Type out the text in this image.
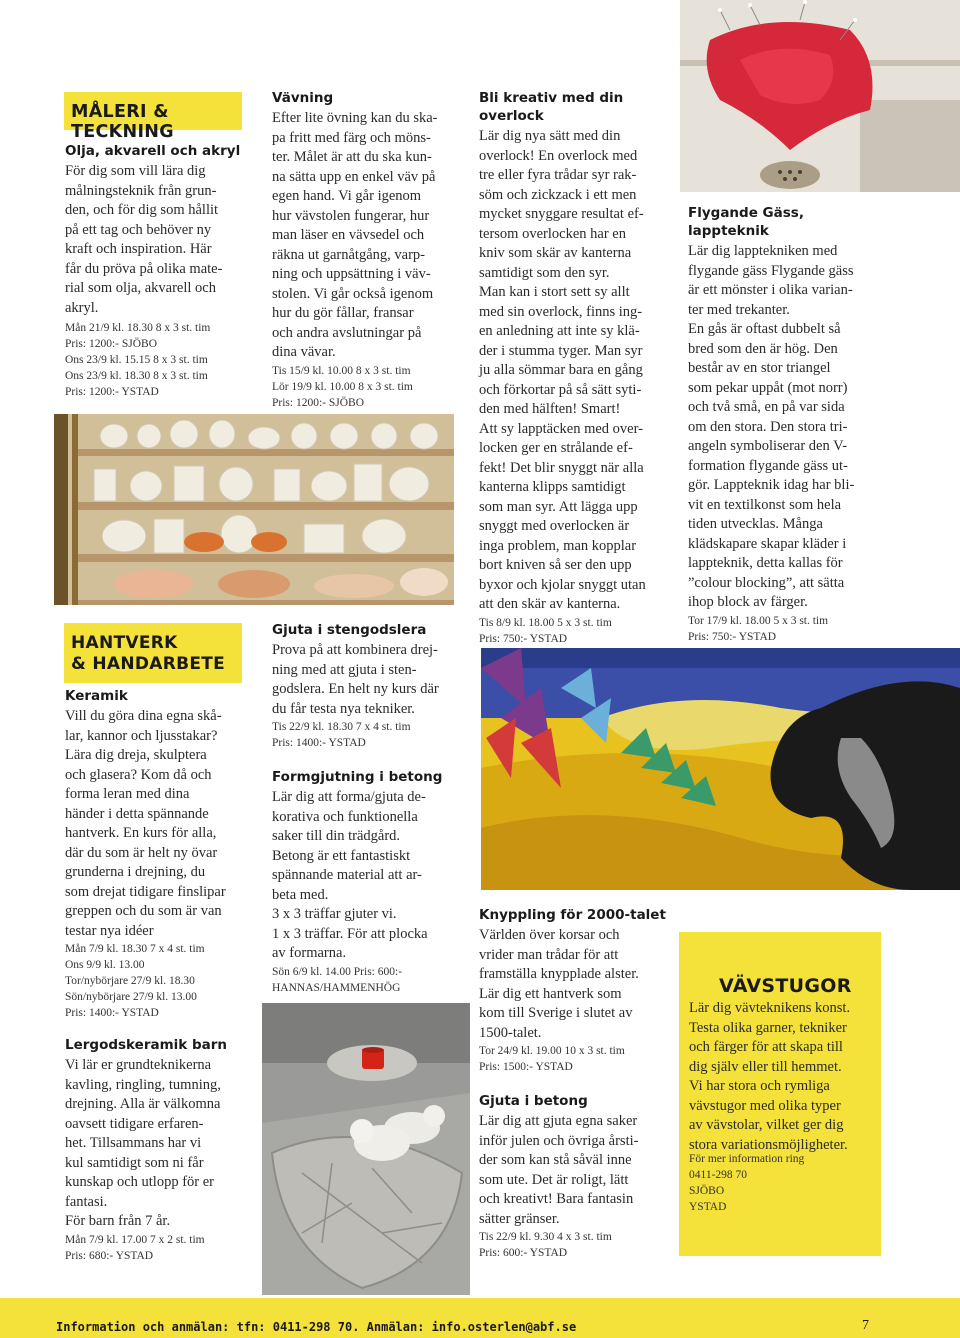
MÅLERI & TECKNING
Olja, akvarell och akryl

För dig som vill lära dig

målningsteknik från grun-

den, och för dig som hållit

på ett tag och behöver ny

kraft och inspiration. Här

får du pröva på olika mate-

rial som olja, akvarell och

akryl.

Mån 21/9 kl. 18.30 8 x 3 st. tim

Pris: 1200:- SJÖBO

Ons 23/9 kl. 15.15 8 x 3 st. tim

Ons 23/9 kl. 18.30 8 x 3 st. tim

Pris: 1200:- YSTAD

HANTVERK
& HANDARBETE
Keramik

Vill du göra dina egna skå-

lar, kannor och ljusstakar?

Lära dig dreja, skulptera

och glasera? Kom då och

forma leran med dina

händer i detta spännande

hantverk. En kurs för alla,

där du som är helt ny övar

grunderna i drejning, du

som drejat tidigare finslipar

greppen och du som är van

testar nya idéer

Mån 7/9 kl. 18.30 7 x 4 st. tim

Ons 9/9 kl. 13.00

Tor/nybörjare 27/9 kl. 18.30

Sön/nybörjare 27/9 kl. 13.00

Pris: 1400:- YSTAD

Lergodskeramik barn

Vi lär er grundteknikerna

kavling, ringling, tumning,

drejning. Alla är välkomna

oavsett tidigare erfaren-

het. Tillsammans har vi

kul samtidigt som ni får

kunskap och utlopp för er

fantasi.

För barn från 7 år.

Mån 7/9 kl. 17.00 7 x 2 st. tim

Pris: 680:- YSTAD

Vävning

Efter lite övning kan du ska-

pa fritt med färg och möns-

ter. Målet är att du ska kun-

na sätta upp en enkel väv på

egen hand. Vi går igenom

hur vävstolen fungerar, hur

man läser en vävsedel och

räkna ut garnåtgång, varp-

ning och uppsättning i väv-

stolen. Vi går också igenom

hur du gör fållar, fransar

och andra avslutningar på

dina vävar.

Tis 15/9 kl. 10.00 8 x 3 st. tim

Lör 19/9 kl. 10.00 8 x 3 st. tim

Pris: 1200:- SJÖBO

Gjuta i stengodslera

Prova på att kombinera drej-

ning med att gjuta i sten-

godslera. En helt ny kurs där

du får testa nya tekniker.

Tis 22/9 kl. 18.30 7 x 4 st. tim

Pris: 1400:- YSTAD

Formgjutning i betong

Lär dig att forma/gjuta de-

korativa och funktionella

saker till din trädgård.

Betong är ett fantastiskt

spännande material att ar-

beta med.

3 x 3 träffar gjuter vi.

1 x 3 träffar. För att plocka

av formarna.

Sön 6/9 kl. 14.00 Pris: 600:-

HANNAS/HAMMENHÖG

Bli kreativ med din overlock

Lär dig nya sätt med din

overlock! En overlock med

tre eller fyra trådar syr rak-

söm och zickzack i ett men

mycket snyggare resultat ef-

tersom overlocken har en

kniv som skär av kanterna

samtidigt som den syr.

Man kan i stort sett sy allt

med sin overlock, finns ing-

en anledning att inte sy klä-

der i stumma tyger. Man syr

ju alla sömmar bara en gång

och förkortar på så sätt syti-

den med hälften! Smart!

Att sy lapptäcken med over-

locken ger en strålande ef-

fekt! Det blir snyggt när alla

kanterna klipps samtidigt

som man syr. Att lägga upp

snyggt med overlocken är

inga problem, man kopplar

bort kniven så ser den upp

byxor och kjolar snyggt utan

att den skär av kanterna.

Tis 8/9 kl. 18.00 5 x 3 st. tim

Pris: 750:- YSTAD

Knyppling för 2000-talet

Världen över korsar och

vrider man trådar för att

framställa knypplade alster.

Lär dig ett hantverk som

kom till Sverige i slutet av

1500-talet.

Tor 24/9 kl. 19.00 10 x 3 st. tim

Pris: 1500:- YSTAD

Gjuta i betong

Lär dig att gjuta egna saker

inför julen och övriga årsti-

der som kan stå såväl inne

som ute. Det är roligt, lätt

och kreativt! Bara fantasin

sätter gränser.

Tis 22/9 kl. 9.30 4 x 3 st. tim

Pris: 600:- YSTAD

Flygande Gäss, lappteknik

Lär dig lapptekniken med

flygande gäss Flygande gäss

är ett mönster i olika varian-

ter med trekanter.

En gås är oftast dubbelt så

bred som den är hög. Den

består av en stor triangel

som pekar uppåt (mot norr)

och två små, en på var sida

om den stora. Den stora tri-

angeln symboliserar den V-

formation flygande gäss ut-

gör. Lappteknik idag har bli-

vit en textilkonst som hela

tiden utvecklas. Många

klädskapare skapar kläder i

lappteknik, detta kallas för

”colour blocking”, att sätta

ihop block av färger.

Tor 17/9 kl. 18.00 5 x 3 st. tim

Pris: 750:- YSTAD

VÄVSTUGOR

Lär dig vävteknikens konst.

Testa olika garner, tekniker

och färger för att skapa till

dig själv eller till hemmet.

Vi har stora och rymliga

vävstugor med olika typer

av vävstolar, vilket ger dig

stora variationsmöjligheter.

För mer information ring

0411-298 70

SJÖBO

YSTAD

Information och anmälan: tfn: 0411-298 70. Anmälan: info.osterlen@abf.se	7
